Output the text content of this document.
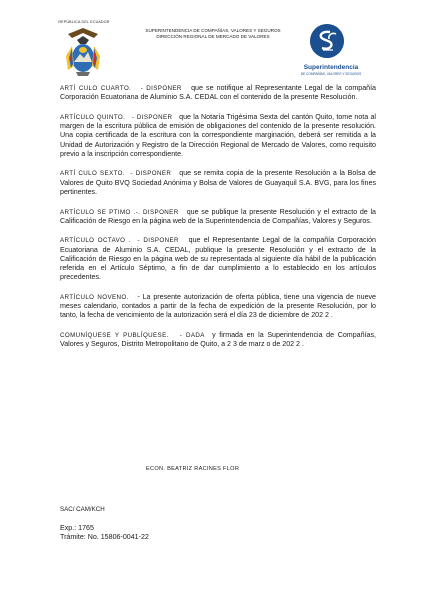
REPÚBLICA DEL ECUADOR
SUPERINTENDENCIA DE COMPAÑÍAS, VALORES Y SEGUROS
DIRECCIÓN REGIONAL DE MERCADO DE VALORES
Superintendencia
DE COMPAÑÍAS, VALORES Y SEGUROS

ARTÍ CULO CUARTO. - DISPONER que se notifique al Representante Legal de la compañía Corporación Ecuatoriana de Aluminio S.A. CEDAL con el contenido de la presente Resolución.

ARTÍCULO QUINTO. - DISPONER que la Notaría Trigésima Sexta del cantón Quito, tome nota al margen de la escritura pública de emisión de obligaciones del contenido de la presente resolución. Una copia certificada de la escritura con la correspondiente marginación, deberá ser remitida a la Unidad de Autorización y Registro de la Dirección Regional de Mercado de Valores, como requisito previo a la inscripción correspondiente.

ARTÍ CULO SEXTO. - DISPONER que se remita copia de la presente Resolución a la Bolsa de Valores de Quito BVQ Sociedad Anónima y Bolsa de Valores de Guayaquil S.A. BVG, para los fines pertinentes.

ARTÍCULO SE PTIMO .-. DISPONER que se publique la presente Resolución y el extracto de la Calificación de Riesgo en la página web de la Superintendencia de Compañías, Valores y Seguros.

ARTÍCULO OCTAVO . - DISPONER que el Representante Legal de la compañía Corporación Ecuatoriana de Aluminio S.A. CEDAL, publique la presente Resolución y el extracto de la Calificación de Riesgo en la página web de su representada al siguiente día hábil de la publicación referida en el Artículo Séptimo, a fin de dar cumplimiento a lo establecido en los artículos precedentes.

ARTÍCULO NOVENO. - La presente autorización de oferta pública, tiene una vigencia de nueve meses calendario, contados a partir de la fecha de expedición de la presente Resolución, por lo tanto, la fecha de vencimiento de la autorización será el día 23 de diciembre de 202 2 .

COMUNÍQUESE Y PUBLÍQUESE. - DADA y firmada en la Superintendencia de Compañías, Valores y Seguros, Distrito Metropolitano de Quito, a 2 3 de marz o de 202 2 .

ECON. BEATRIZ RACINES FLOR
SAC/ CAM/KCH
Exp.: 1765
Trámite: No. 15806-0041-22
